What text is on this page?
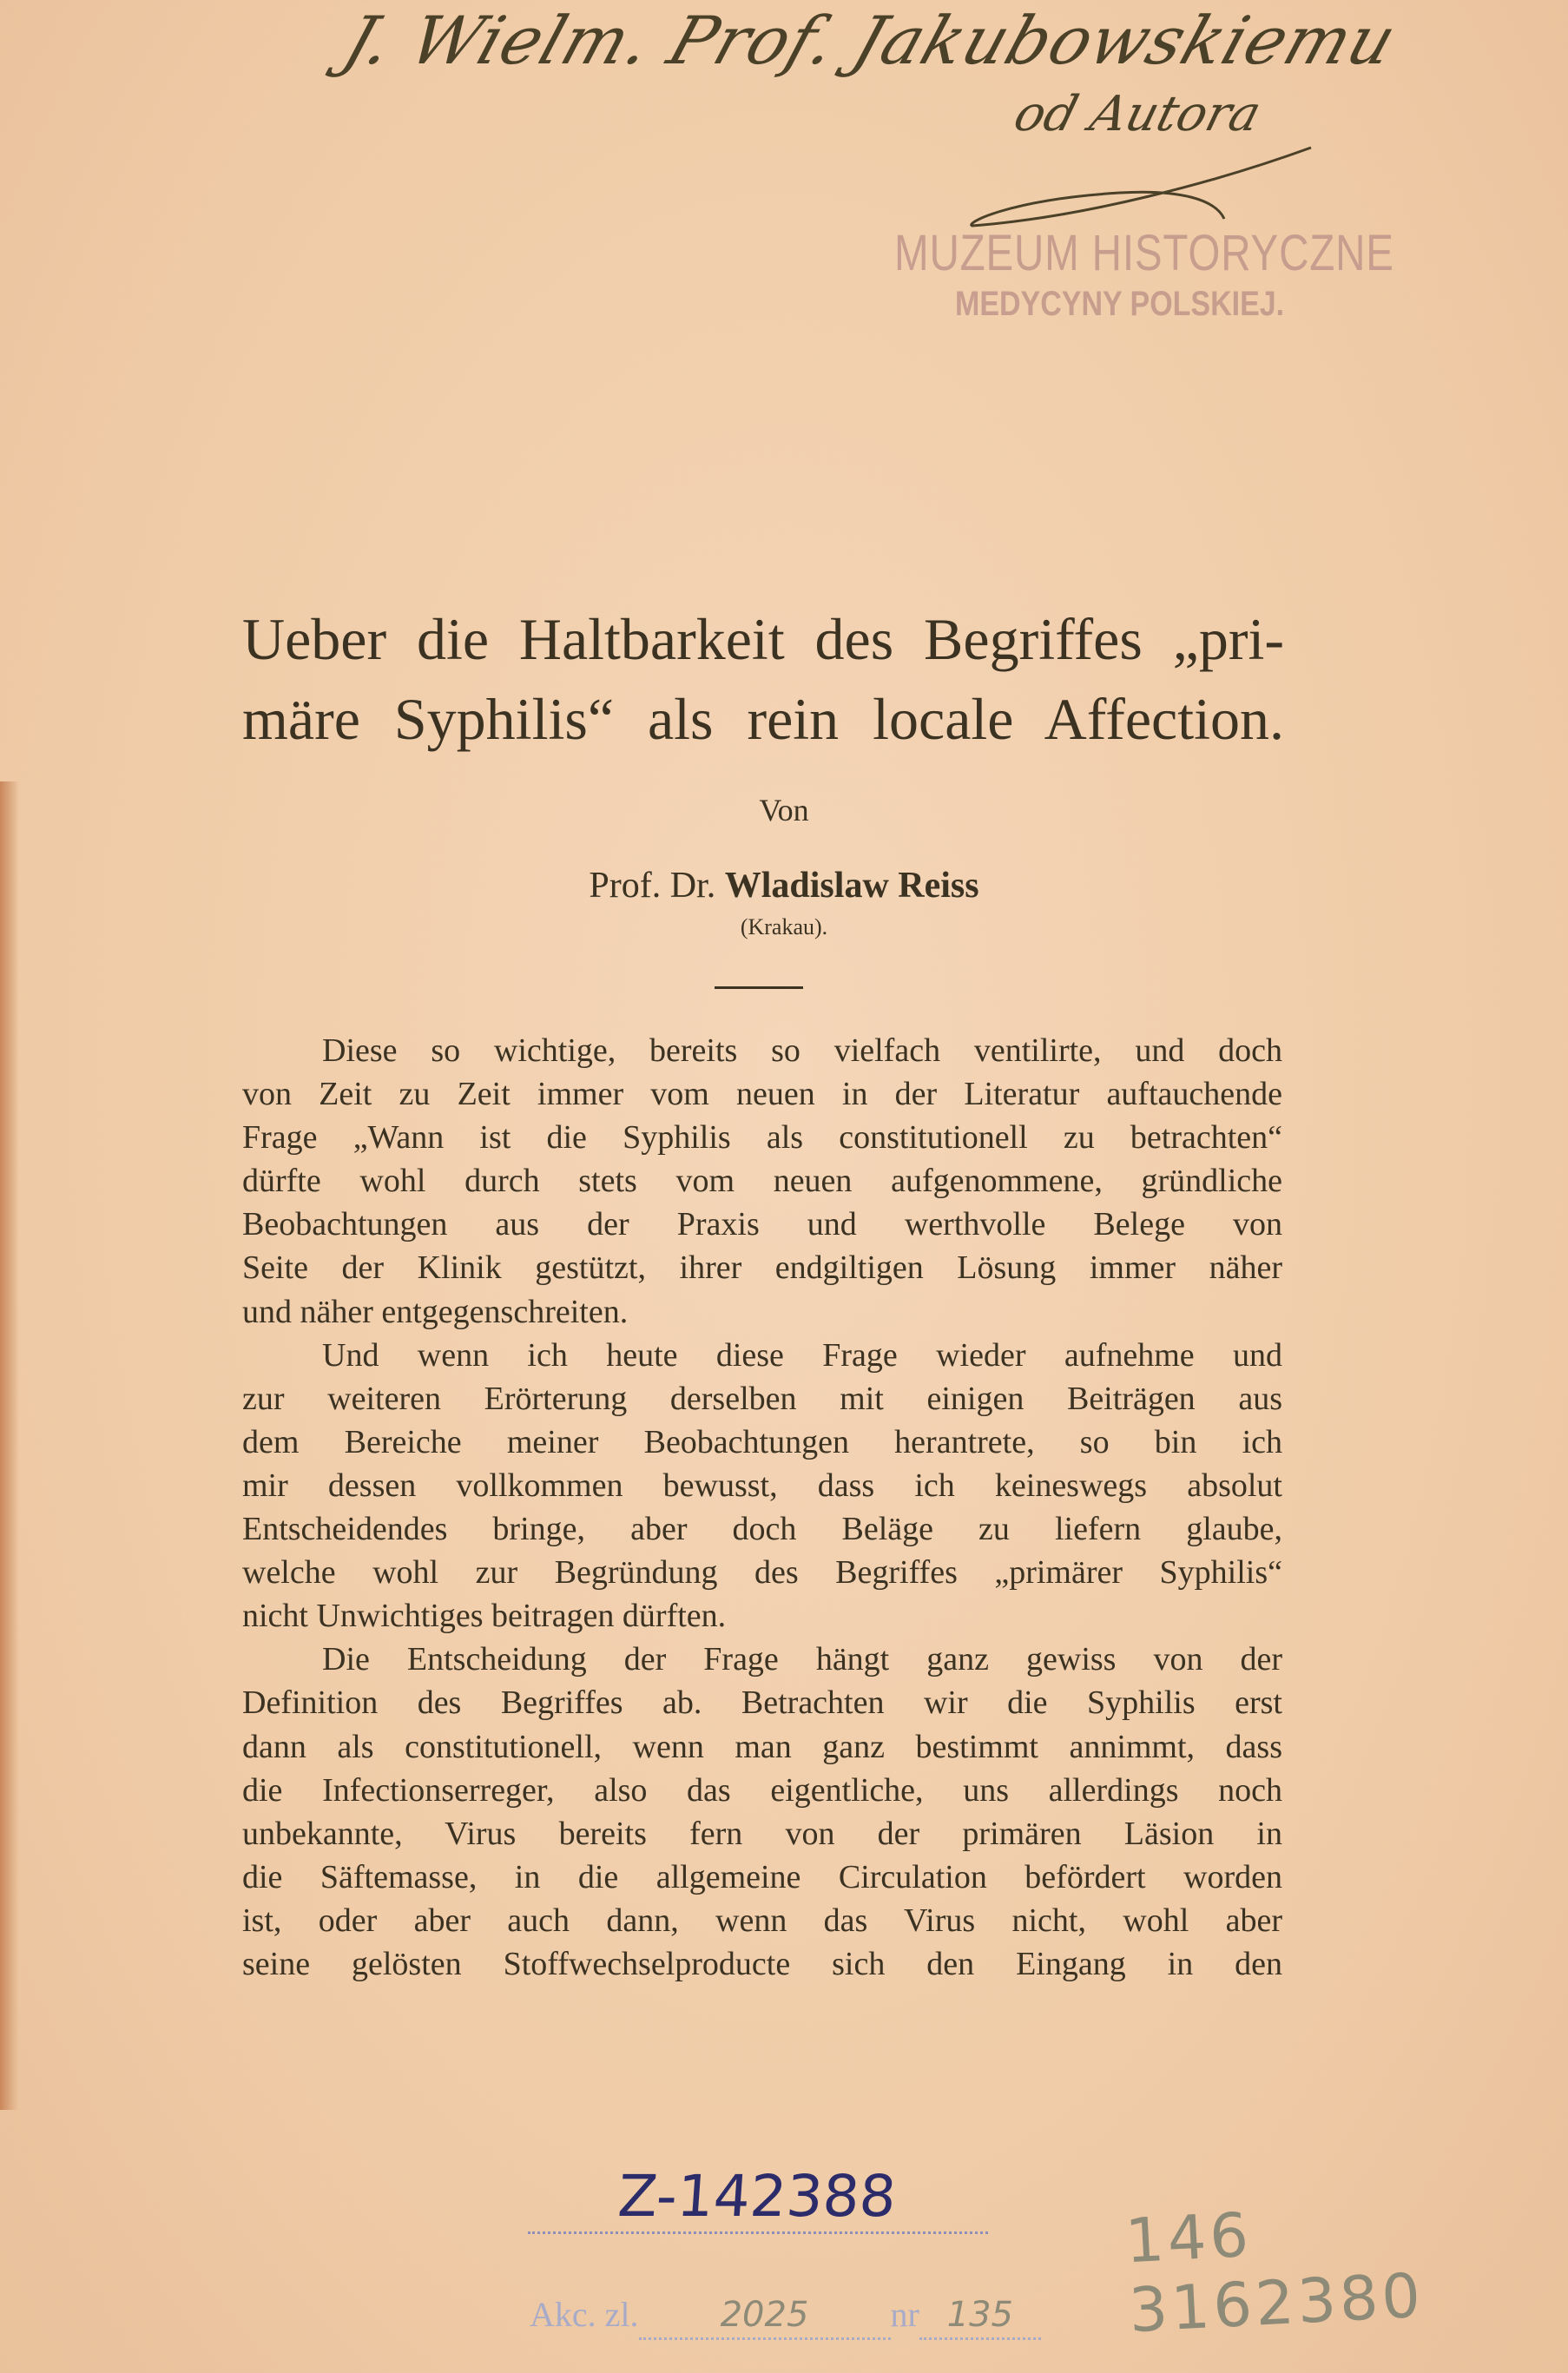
J. Wielm. Prof. Jakubowskiemu
od Autora
MUZEUM HISTORYCZNE
MEDYCYNY POLSKIEJ.
Ueber die Haltbarkeit des Begriffes „pri-
märe Syphilis“ als rein locale Affection.
Von
Prof. Dr. Wladislaw Reiss
(Krakau).
Diese so wichtige, bereits so vielfach ventilirte, und doch
von Zeit zu Zeit immer vom neuen in der Literatur auftauchende
Frage „Wann ist die Syphilis als constitutionell zu betrachten“
dürfte wohl durch stets vom neuen aufgenommene, gründliche
Beobachtungen aus der Praxis und werthvolle Belege von
Seite der Klinik gestützt, ihrer endgiltigen Lösung immer näher
und näher entgegenschreiten.
Und wenn ich heute diese Frage wieder aufnehme und
zur weiteren Erörterung derselben mit einigen Beiträgen aus
dem Bereiche meiner Beobachtungen herantrete, so bin ich
mir dessen vollkommen bewusst, dass ich keineswegs absolut
Entscheidendes bringe, aber doch Beläge zu liefern glaube,
welche wohl zur Begründung des Begriffes „primärer Syphilis“
nicht Unwichtiges beitragen dürften.
Die Entscheidung der Frage hängt ganz gewiss von der
Definition des Begriffes ab. Betrachten wir die Syphilis erst
dann als constitutionell, wenn man ganz bestimmt annimmt, dass
die Infectionserreger, also das eigentliche, uns allerdings noch
unbekannte, Virus bereits fern von der primären Läsion in
die Säftemasse, in die allgemeine Circulation befördert worden
ist, oder aber auch dann, wenn das Virus nicht, wohl aber
seine gelösten Stoffwechselproducte sich den Eingang in den
Z-142388
146 3162380
Akc. zl. 2025 nr 135
